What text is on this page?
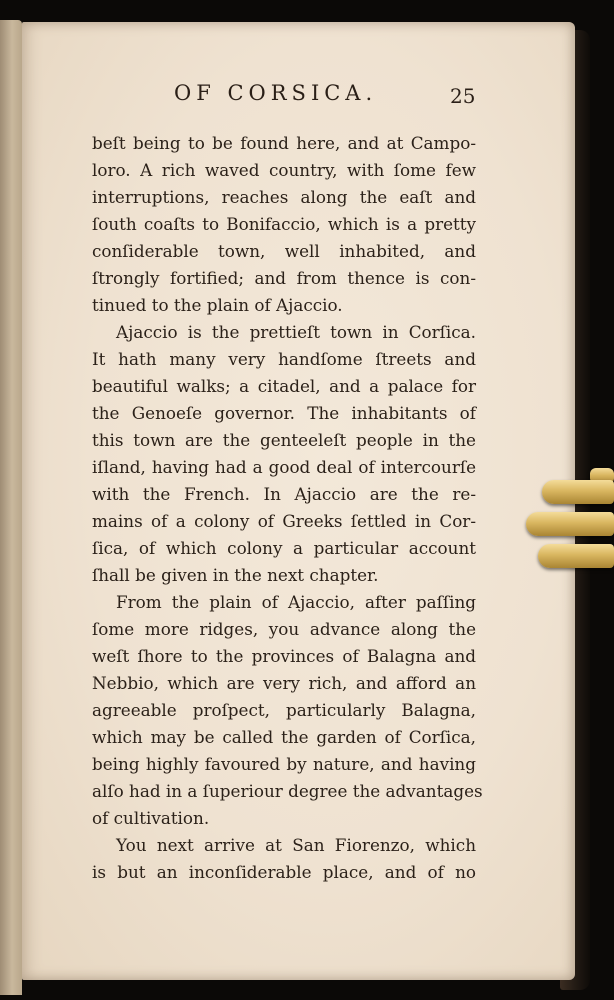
OF CORSICA.	25
beſt being to be found here, and at Campo-
loro. A rich waved country, with ſome few
interruptions, reaches along the eaſt and
ſouth coaſts to Bonifaccio, which is a pretty
conſiderable town, well inhabited, and
ſtrongly fortified; and from thence is con-
tinued to the plain of Ajaccio.
Ajaccio is the prettieſt town in Corſica.
It hath many very handſome ſtreets and
beautiful walks; a citadel, and a palace for
the Genoeſe governor. The inhabitants of
this town are the genteeleſt people in the
iſland, having had a good deal of intercourſe
with the French. In Ajaccio are the re-
mains of a colony of Greeks ſettled in Cor-
ſica, of which colony a particular account
ſhall be given in the next chapter.
From the plain of Ajaccio, after paſſing
ſome more ridges, you advance along the
weſt ſhore to the provinces of Balagna and
Nebbio, which are very rich, and afford an
agreeable proſpect, particularly Balagna,
which may be called the garden of Corſica,
being highly favoured by nature, and having
alſo had in a ſuperiour degree the advantages
of cultivation.
You next arrive at San Fiorenzo, which
is but an inconſiderable place, and of no
